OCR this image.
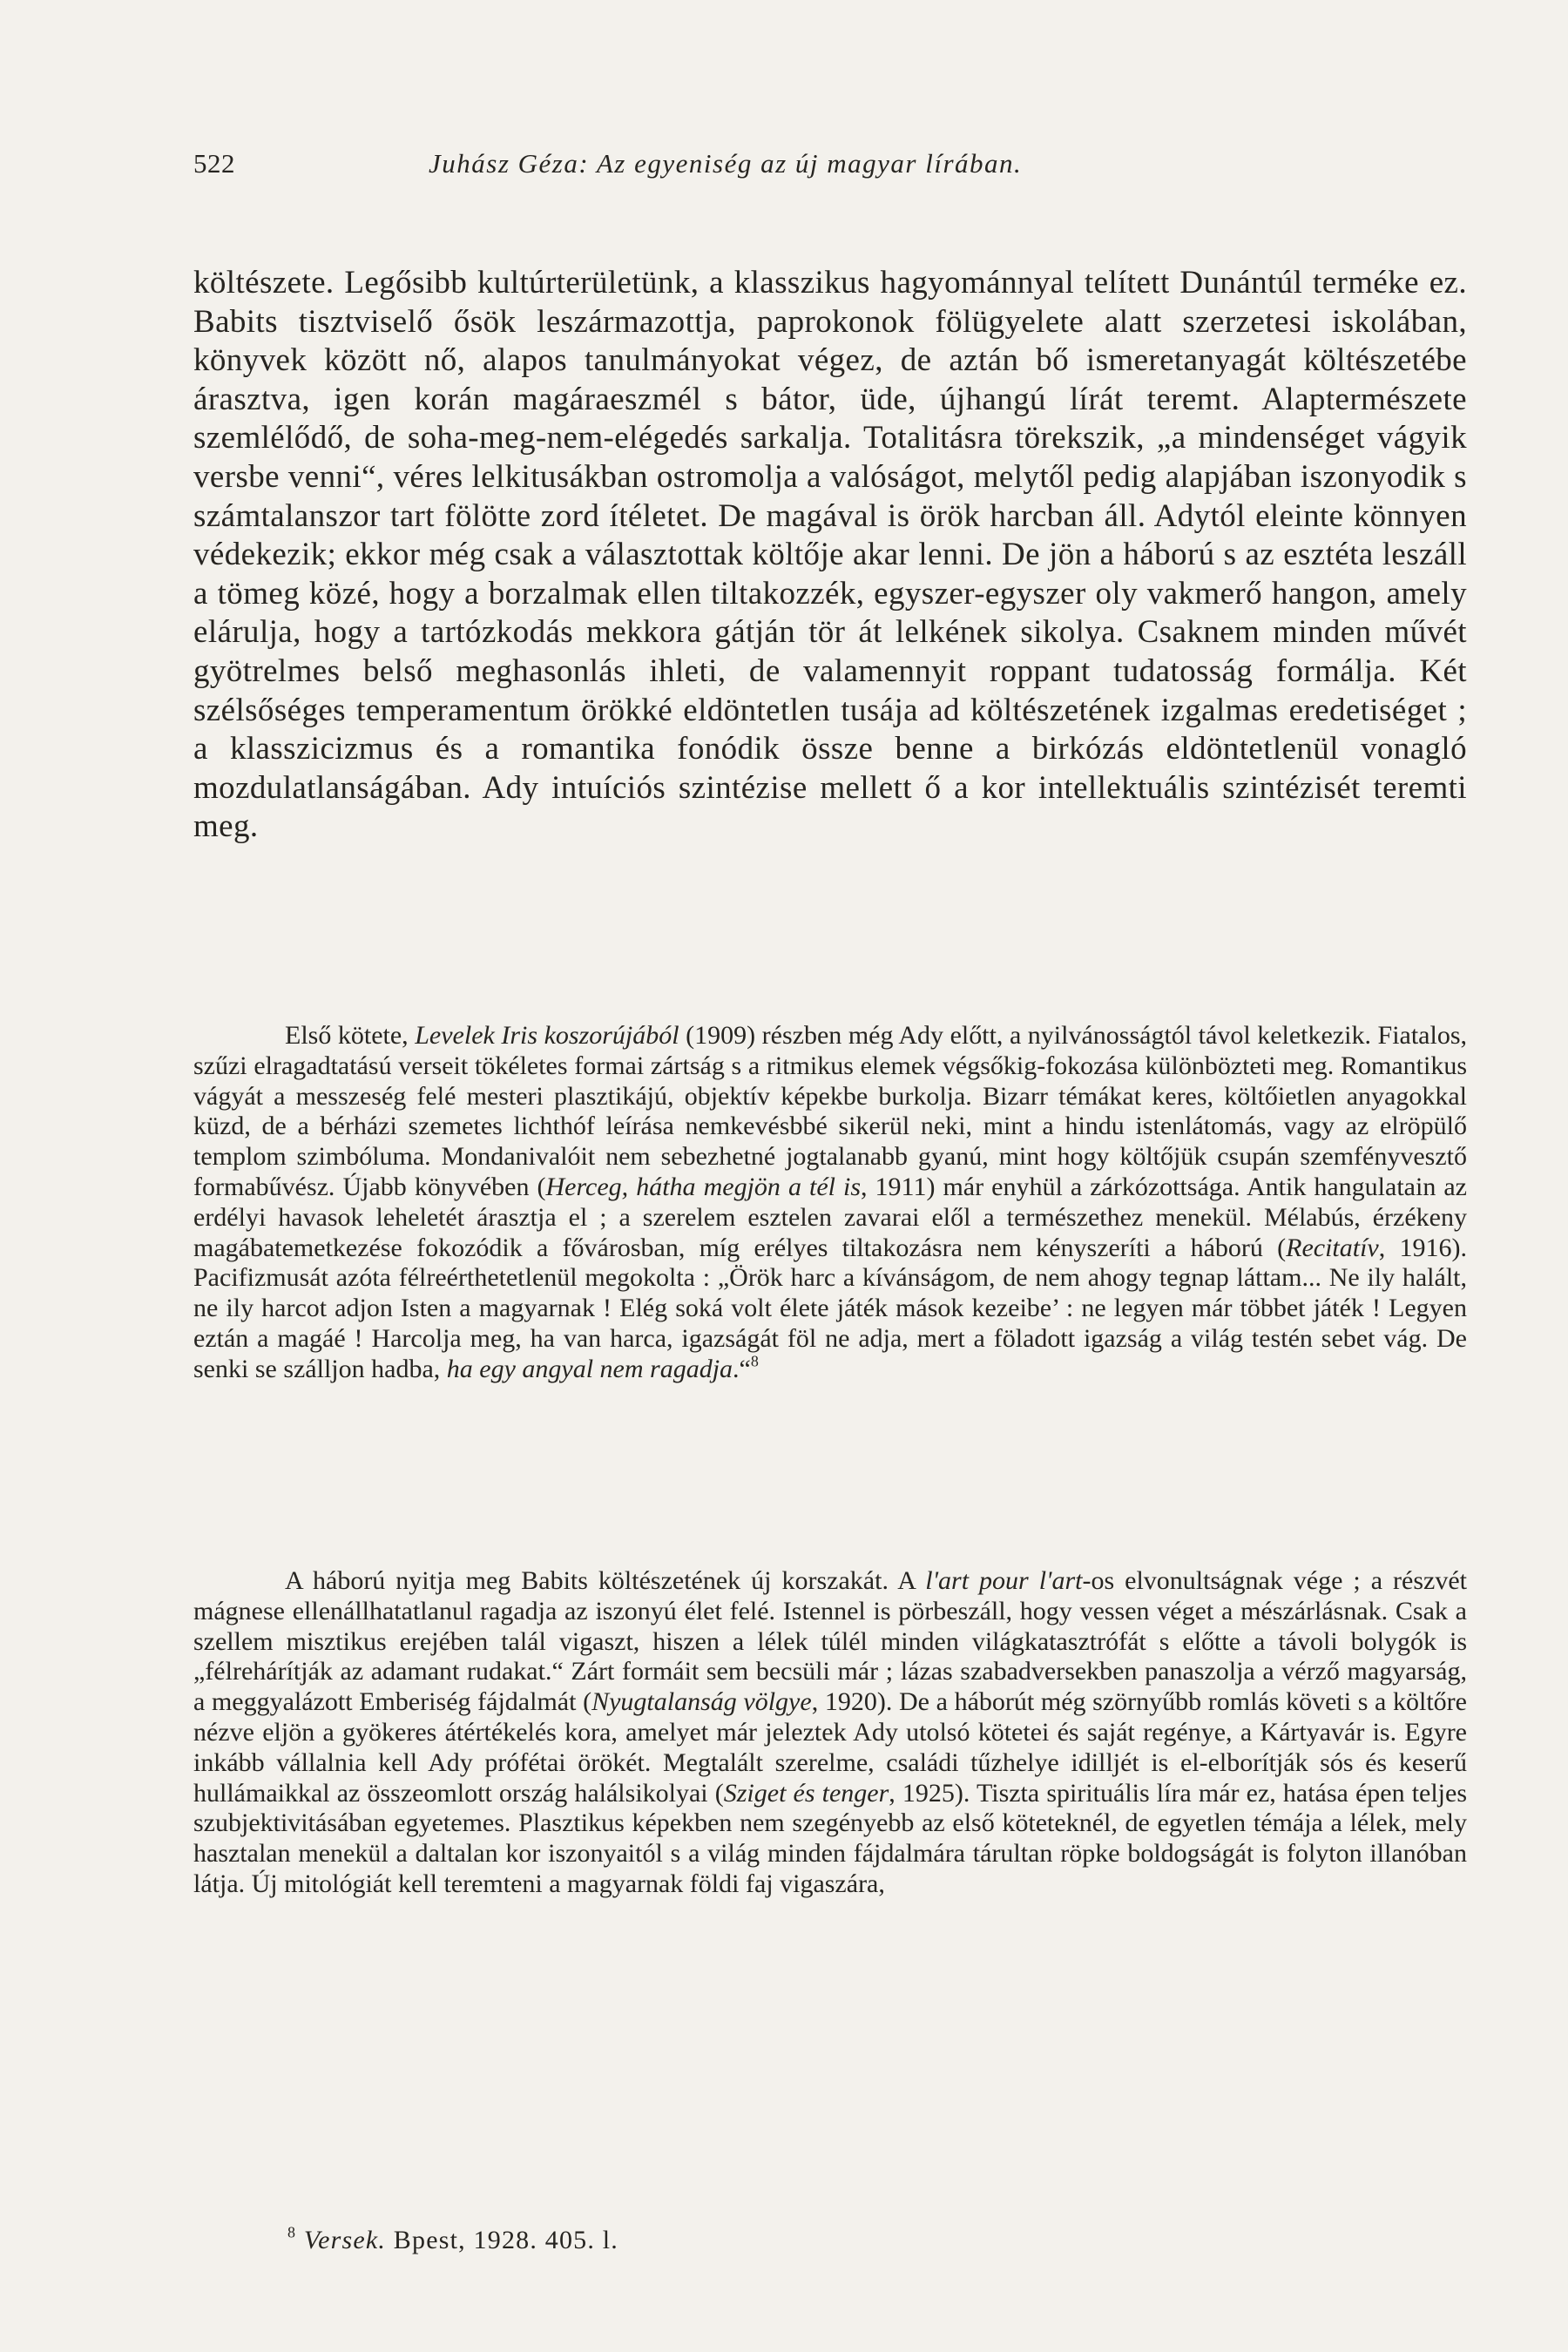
522	Juhász Géza: Az egyeniség az új magyar lírában.

költészete. Legősibb kultúrterületünk, a klasszikus hagyománnyal telített Dunántúl terméke ez. Babits tisztviselő ősök leszármazottja, paprokonok fölügyelete alatt szerzetesi iskolában, könyvek között nő, alapos tanulmányokat végez, de aztán bő ismeretanyagát költészetébe árasztva, igen korán magáraeszmél s bátor, üde, újhangú lírát teremt. Alaptermészete szemlélődő, de soha-meg-nem-elégedés sarkalja. Totalitásra törekszik, „a mindenséget vágyik versbe venni“, véres lelkitusákban ostromolja a valóságot, melytől pedig alapjában iszonyodik s számtalanszor tart fölötte zord ítéletet. De magával is örök harcban áll. Adytól eleinte könnyen védekezik; ekkor még csak a választottak költője akar lenni. De jön a háború s az esztéta leszáll a tömeg közé, hogy a borzalmak ellen tiltakozzék, egyszer-egyszer oly vakmerő hangon, amely elárulja, hogy a tartózkodás mekkora gátján tör át lelkének sikolya. Csaknem minden művét gyötrelmes belső meghasonlás ihleti, de valamennyit roppant tudatosság formálja. Két szélsőséges temperamentum örökké eldöntetlen tusája ad költészetének izgalmas eredetiséget ; a klasszicizmus és a romantika fonódik össze benne a birkózás eldöntetlenül vonagló mozdulatlanságában. Ady intuíciós szintézise mellett ő a kor intellektuális szintézisét teremti meg.

Első kötete, Levelek Iris koszorújából (1909) részben még Ady előtt, a nyilvánosságtól távol keletkezik. Fiatalos, szűzi elragadtatású verseit tökéletes formai zártság s a ritmikus elemek végsőkig-fokozása különbözteti meg. Romantikus vágyát a messzeség felé mesteri plasztikájú, objektív képekbe burkolja. Bizarr témákat keres, költőietlen anyagokkal küzd, de a bérházi szemetes lichthóf leírása nemkevésbbé sikerül neki, mint a hindu istenlátomás, vagy az elröpülő templom szimbóluma. Mondanivalóit nem sebezhetné jogtalanabb gyanú, mint hogy költőjük csupán szemfényvesztő formabűvész. Újabb könyvében (Herceg, hátha megjön a tél is, 1911) már enyhül a zárkózottsága. Antik hangulatain az erdélyi havasok leheletét árasztja el ; a szerelem esztelen zavarai elől a természethez menekül. Mélabús, érzékeny magábatemetkezése fokozódik a fővárosban, míg erélyes tiltakozásra nem kényszeríti a háború (Recitatív, 1916). Pacifizmusát azóta félreérthetetlenül megokolta : „Örök harc a kívánságom, de nem ahogy tegnap láttam... Ne ily halált, ne ily harcot adjon Isten a magyarnak ! Elég soká volt élete játék mások kezeibe’ : ne legyen már többet játék ! Legyen eztán a magáé ! Harcolja meg, ha van harca, igazságát föl ne adja, mert a föladott igazság a világ testén sebet vág. De senki se szálljon hadba, ha egy angyal nem ragadja.“$^8$

A háború nyitja meg Babits költészetének új korszakát. A l'art pour l'art-os elvonultságnak vége ; a részvét mágnese ellenállhatatlanul ragadja az iszonyú élet felé. Istennel is pörbeszáll, hogy vessen véget a mészárlásnak. Csak a szellem misztikus erejében talál vigaszt, hiszen a lélek túlél minden világkatasztrófát s előtte a távoli bolygók is „félrehárítják az adamant rudakat.“ Zárt formáit sem becsüli már ; lázas szabadversekben panaszolja a vérző magyarság, a meggyalázott Emberiség fájdalmát (Nyugtalanság völgye, 1920). De a háborút még szörnyűbb romlás követi s a költőre nézve eljön a gyökeres átértékelés kora, amelyet már jeleztek Ady utolsó kötetei és saját regénye, a Kártyavár is. Egyre inkább vállalnia kell Ady prófétai örökét. Megtalált szerelme, családi tűzhelye idilljét is el-elborítják sós és keserű hullámaikkal az összeomlott ország halálsikolyai (Sziget és tenger, 1925). Tiszta spirituális líra már ez, hatása épen teljes szubjektivitásában egyetemes. Plasztikus képekben nem szegényebb az első köteteknél, de egyetlen témája a lélek, mely hasztalan menekül a daltalan kor iszonyaitól s a világ minden fájdalmára tárultan röpke boldogságát is folyton illanóban látja. Új mitológiát kell teremteni a magyarnak földi faj vigaszára,

$^8$ Versek. Bpest, 1928. 405. l.
